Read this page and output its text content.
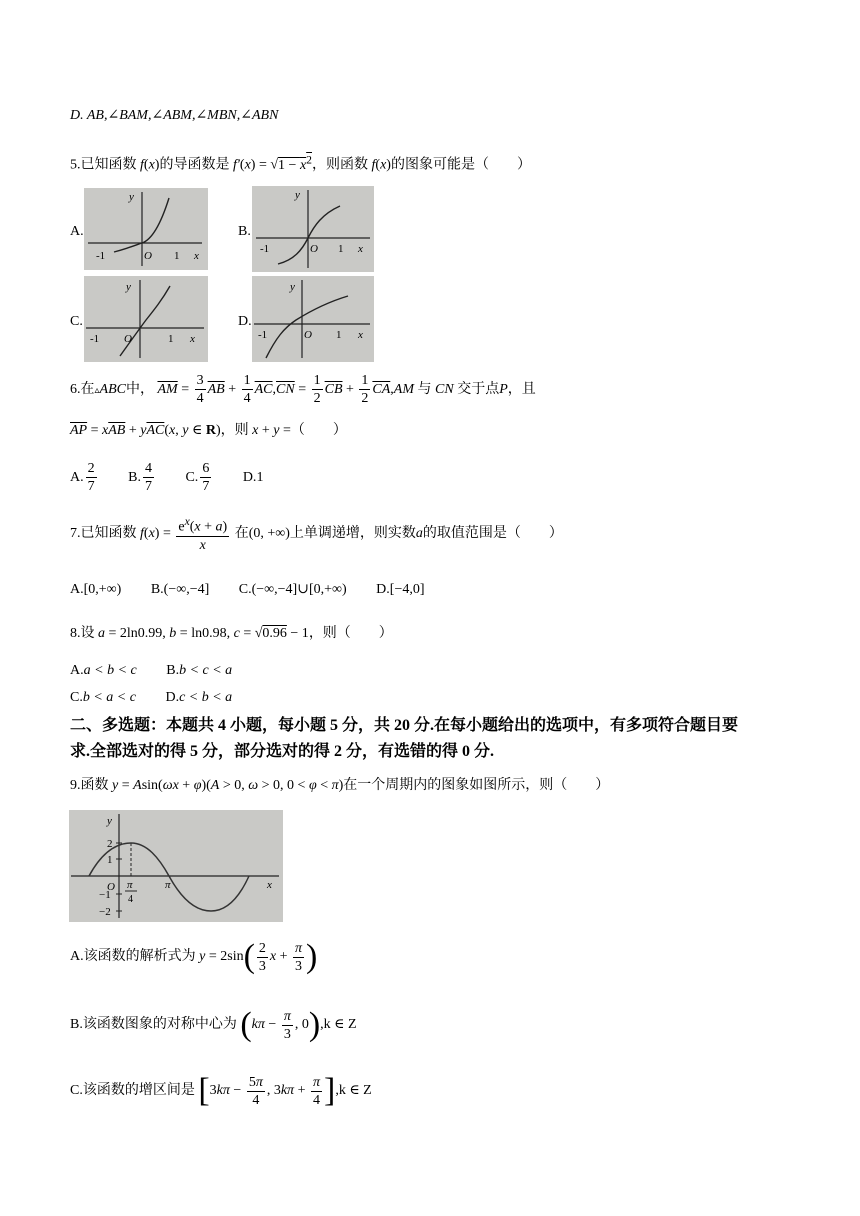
D. AB,∠BAM,∠ABM,∠MBN,∠ABN
5.已知函数 f(x)的导函数是 $f'(x) = √1 - x^2$，则函数 f(x)的图象可能是（　　）
A.
y
-1	O 1 x
B.
y
-1	O 1 x
C.
y
-1 O	1 x
D.
y
-1	O 1 x
6.在▵ABC中， $\overline{AM} = \frac{3}{4} \overline{AB} + \frac{1}{4} \overline{AC},\overline{CN} = \frac{1}{2} \overline{CB} + \frac{1}{2} \overline{CA},AM$ 与 CN 交于点P，且
$\overline{AP} = x\overline{AB} + y\overline{AC}(x$, y ∈ R)，则 x + y =（　　）
A. $\frac{2}{7} B$. $\frac{4}{7} C$. $\frac{6}{7} D.1$
7.已知函数 $f(x) = \frac{e^x(x + a)}{x}$ 在(0, +∞)上单调递增，则实数a的取值范围是（　　）
A.[0,+∞) B.(−∞,−4] C.(−∞,−4]∪[0,+∞) D.[−4,0]
8.设 a = 2ln0.99, b = ln0.98, c = √0.96 − 1，则（　　）
A.a < b < c B.b < c < a
C.b < a < c D.c < b < a
二、多选题：本题共 4 小题，每小题 5 分，共 20 分.在每小题给出的选项中，有多项符合题目要
求.全部选对的得 5 分，部分选对的得 2 分，有选错的得 0 分.
9.函数 y = Asin(ωx + φ)(A > 0, ω > 0, 0 < φ < π)在一个周期内的图象如图所示，则（　　）
y
2
1
O
−1
−2
π
4
π	x
A.该函数的解析式为 $y = 2\sin( \frac{2}{3}$ $x + \frac{\pi}{3}$ )
B.该函数图象的对称中心为 ($k\pi - \frac{\pi}{3}$ , 0),k ∈ Z
C.该函数的增区间是 [$3k\pi - \frac{5\pi}{4}$ , $3k\pi + \frac{\pi}{4} ],k$ ∈ Z
